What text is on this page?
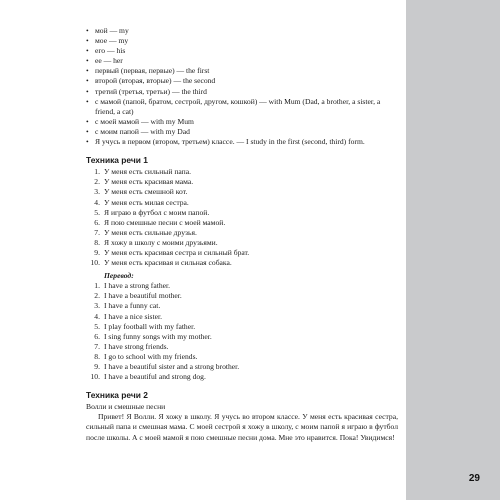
29
• мой — my
• мое — my
• его — his
• ее — her
• первый (первая, первые) — the first
• второй (вторая, вторые) — the second
• третий (третья, третьи) — the third
• с мамой (папой, братом, сестрой, другом, кошкой) — with Mum (Dad, a brother, a sister, a friend, a cat)
• с моей мамой — with my Mum
• с моим папой — with my Dad
• Я учусь в первом (втором, третьем) классе. — I study in the first (second, third) form.
Техника речи 1
1. У меня есть сильный папа.
2. У меня есть красивая мама.
3. У меня есть смешной кот.
4. У меня есть милая сестра.
5. Я играю в футбол с моим папой.
6. Я пою смешные песни с моей мамой.
7. У меня есть сильные друзья.
8. Я хожу в школу с моими друзьями.
9. У меня есть красивая сестра и сильный брат.
10. У меня есть красивая и сильная собака.
Перевод:
1. I have a strong father.
2. I have a beautiful mother.
3. I have a funny cat.
4. I have a nice sister.
5. I play football with my father.
6. I sing funny songs with my mother.
7. I have strong friends.
8. I go to school with my friends.
9. I have a beautiful sister and a strong brother.
10. I have a beautiful and strong dog.
Техника речи 2
Волли и смешные песни

Привет! Я Волли. Я хожу в школу. Я учусь во втором классе. У меня есть красивая сестра, сильный папа и смешная мама. С моей сестрой я хожу в школу, с моим папой я играю в футбол после школы. А с моей мамой я пою смешные песни дома. Мне это нравится. Пока! Увидимся!
